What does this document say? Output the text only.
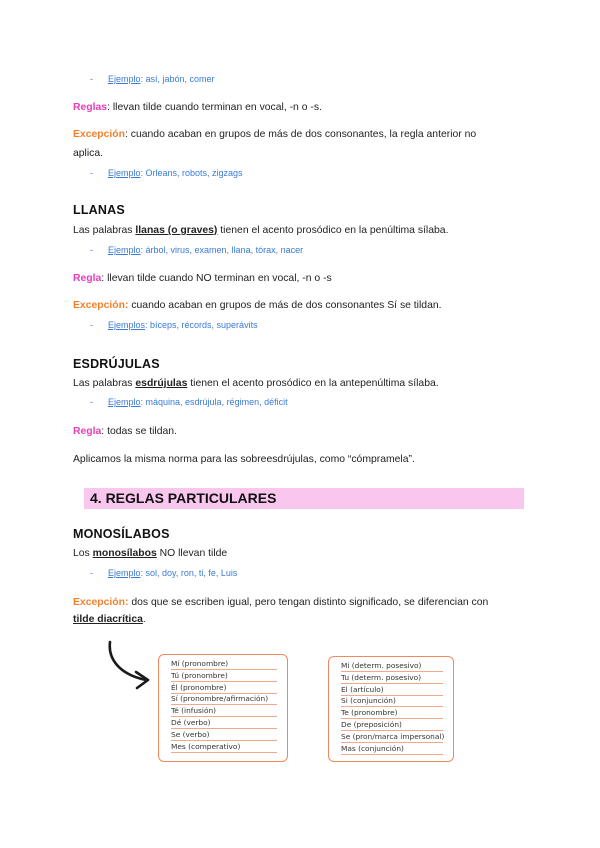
- Ejemplo: así, jabón, comer
Reglas: llevan tilde cuando terminan en vocal, -n o -s.
Excepción: cuando acaban en grupos de más de dos consonantes, la regla anterior no
aplica.
- Ejemplo: Orleans, robots, zigzags
LLANAS
Las palabras llanas (o graves) tienen el acento prosódico en la penúltima sílaba.
- Ejemplo: árbol, virus, examen, llana, tórax, nacer
Regla: llevan tilde cuando NO terminan en vocal, -n o -s
Excepción: cuando acaban en grupos de más de dos consonantes Sí se tildan.
- Ejemplos: bíceps, récords, superávits
ESDRÚJULAS
Las palabras esdrújulas tienen el acento prosódico en la antepenúltima sílaba.
- Ejemplo: máquina, esdrújula, régimen, déficit
Regla: todas se tildan.
Aplicamos la misma norma para las sobreesdrújulas, como “cómpramela”.
4. REGLAS PARTICULARES
MONOSÍLABOS
Los monosílabos NO llevan tilde
- Ejemplo: sol, doy, ron, ti, fe, Luis
Excepción: dos que se escriben igual, pero tengan distinto significado, se diferencian con
tilde diacrítica.
Mí (pronombre)
Tú (pronombre)
Él (pronombre)
Sí (pronombre/afirmación)
Té (infusión)
Dé (verbo)
Se (verbo)
Mes (comperativo)
Mi (determ. posesivo)
Tu (determ. posesivo)
El (artículo)
Si (conjunción)
Te (pronombre)
De (preposición)
Se (pron/marca impersonal)
Mas (conjunción)
